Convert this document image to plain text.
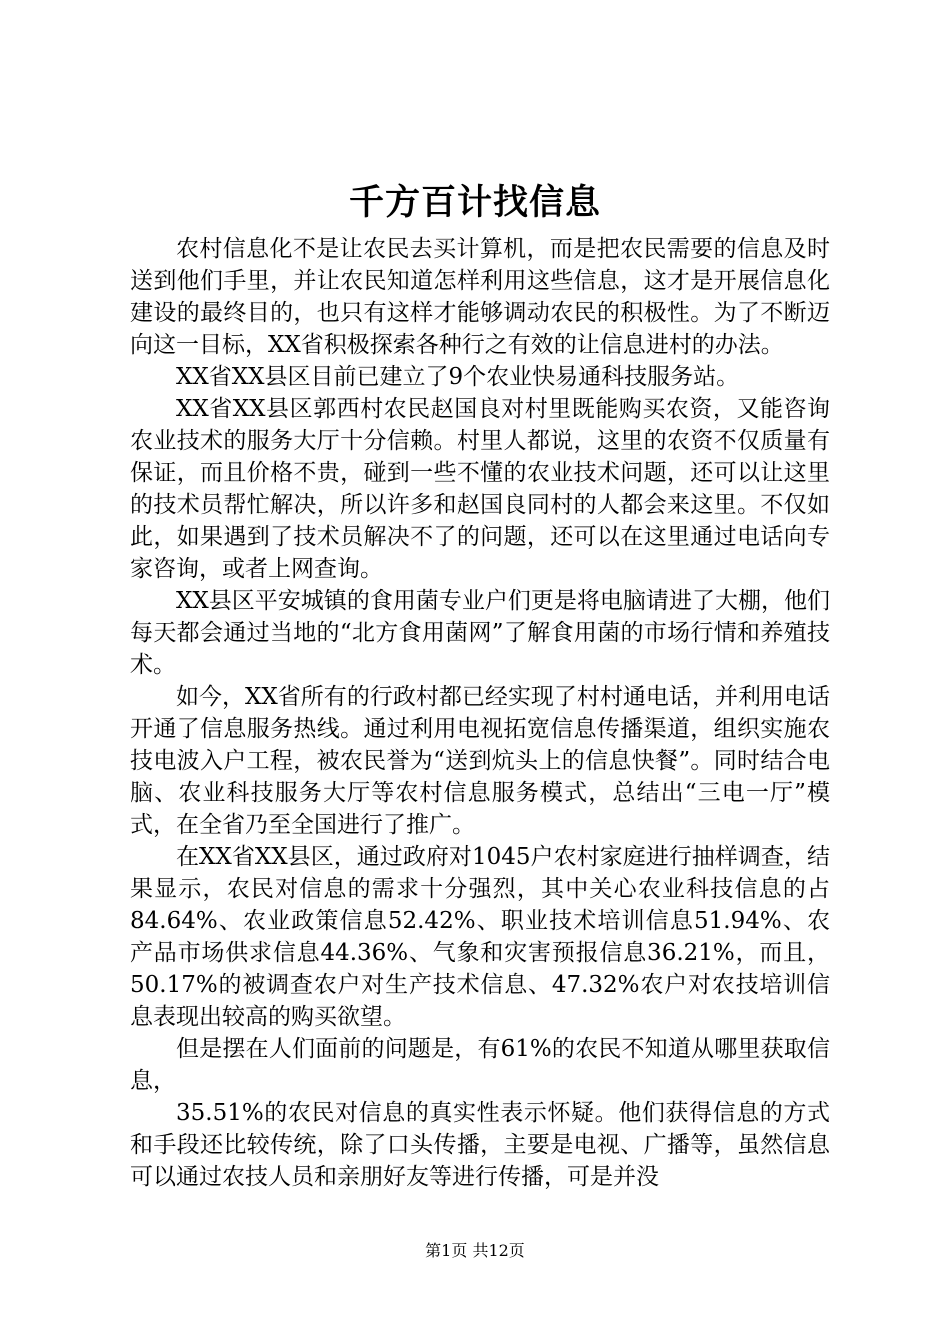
千方百计找信息

农村信息化不是让农民去买计算机，而是把农民需要的信息及时送到他们手里，并让农民知道怎样利用这些信息，这才是开展信息化建设的最终目的，也只有这样才能够调动农民的积极性。为了不断迈向这一目标，XX省积极探索各种行之有效的让信息进村的办法。

XX省XX县区目前已建立了9个农业快易通科技服务站。

XX省XX县区郭西村农民赵国良对村里既能购买农资，又能咨询农业技术的服务大厅十分信赖。村里人都说，这里的农资不仅质量有保证，而且价格不贵，碰到一些不懂的农业技术问题，还可以让这里的技术员帮忙解决，所以许多和赵国良同村的人都会来这里。不仅如此，如果遇到了技术员解决不了的问题，还可以在这里通过电话向专家咨询，或者上网查询。

XX县区平安城镇的食用菌专业户们更是将电脑请进了大棚，他们每天都会通过当地的“北方食用菌网”了解食用菌的市场行情和养殖技术。

如今，XX省所有的行政村都已经实现了村村通电话，并利用电话开通了信息服务热线。通过利用电视拓宽信息传播渠道，组织实施农技电波入户工程，被农民誉为“送到炕头上的信息快餐”。同时结合电脑、农业科技服务大厅等农村信息服务模式，总结出“三电一厅”模式，在全省乃至全国进行了推广。

在XX省XX县区，通过政府对1045户农村家庭进行抽样调查，结果显示，农民对信息的需求十分强烈，其中关心农业科技信息的占84.64%、农业政策信息52.42%、职业技术培训信息51.94%、农产品市场供求信息44.36%、气象和灾害预报信息36.21%，而且，50.17%的被调查农户对生产技术信息、47.32%农户对农技培训信息表现出较高的购买欲望。

但是摆在人们面前的问题是，有61%的农民不知道从哪里获取信息，

35.51%的农民对信息的真实性表示怀疑。他们获得信息的方式和手段还比较传统，除了口头传播，主要是电视、广播等，虽然信息可以通过农技人员和亲朋好友等进行传播，可是并没

第1页 共12页
